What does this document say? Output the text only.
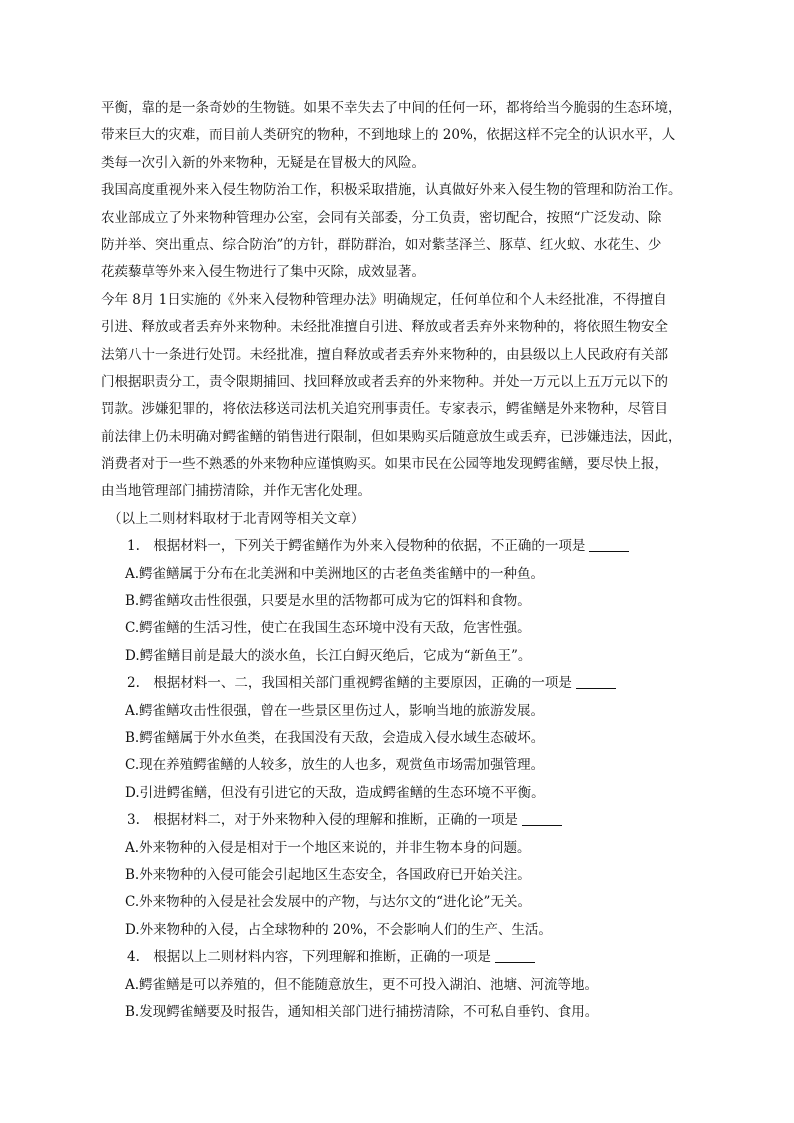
平衡，靠的是一条奇妙的生物链。如果不幸失去了中间的任何一环，都将给当今脆弱的生态环境，
带来巨大的灾难，而目前人类研究的物种，不到地球上的 20%，依据这样不完全的认识水平，人
类每一次引入新的外来物种，无疑是在冒极大的风险。
我国高度重视外来入侵生物防治工作，积极采取措施，认真做好外来入侵生物的管理和防治工作。
农业部成立了外来物种管理办公室，会同有关部委，分工负责，密切配合，按照“广泛发动、除
防并举、突出重点、综合防治”的方针，群防群治，如对紫茎泽兰、豚草、红火蚁、水花生、少
花蒺藜草等外来入侵生物进行了集中灭除，成效显著。
今年 8月 1日实施的《外来入侵物种管理办法》明确规定，任何单位和个人未经批准，不得擅自
引进、释放或者丢弃外来物种。未经批准擅自引进、释放或者丢弃外来物种的，将依照生物安全
法第八十一条进行处罚。未经批准，擅自释放或者丢弃外来物种的，由县级以上人民政府有关部
门根据职责分工，责令限期捕回、找回释放或者丢弃的外来物种。并处一万元以上五万元以下的
罚款。涉嫌犯罪的，将依法移送司法机关追究刑事责任。专家表示，鳄雀鳝是外来物种，尽管目
前法律上仍未明确对鳄雀鳝的销售进行限制，但如果购买后随意放生或丢弃，已涉嫌违法，因此，
消费者对于一些不熟悉的外来物种应谨慎购买。如果市民在公园等地发现鳄雀鳝，要尽快上报，
由当地管理部门捕捞清除，并作无害化处理。
（以上二则材料取材于北青网等相关文章）
1.　根据材料一，下列关于鳄雀鳝作为外来入侵物种的依据，不正确的一项是
A.鳄雀鳝属于分布在北美洲和中美洲地区的古老鱼类雀鳝中的一种鱼。
B.鳄雀鳝攻击性很强，只要是水里的活物都可成为它的饵料和食物。
C.鳄雀鳝的生活习性，使亡在我国生态环境中没有天敌，危害性强。
D.鳄雀鳝目前是最大的淡水鱼，长江白鲟灭绝后，它成为“新鱼王”。
2.　根据材料一、二，我国相关部门重视鳄雀鳝的主要原因，正确的一项是
A.鳄雀鳝攻击性很强，曾在一些景区里伤过人，影响当地的旅游发展。
B.鳄雀鳝属于外水鱼类，在我国没有天敌，会造成入侵水域生态破坏。
C.现在养殖鳄雀鳝的人较多，放生的人也多，观赏鱼市场需加强管理。
D.引进鳄雀鳝，但没有引进它的天敌，造成鳄雀鳝的生态环境不平衡。
3.　根据材料二，对于外来物种入侵的理解和推断，正确的一项是
A.外来物种的入侵是相对于一个地区来说的，并非生物本身的问题。
B.外来物种的入侵可能会引起地区生态安全，各国政府已开始关注。
C.外来物种的入侵是社会发展中的产物，与达尔文的“进化论”无关。
D.外来物种的入侵，占全球物种的 20%，不会影响人们的生产、生活。
4.　根据以上二则材料内容，下列理解和推断，正确的一项是
A.鳄雀鳝是可以养殖的，但不能随意放生，更不可投入湖泊、池塘、河流等地。
B.发现鳄雀鳝要及时报告，通知相关部门进行捕捞清除，不可私自垂钓、食用。
